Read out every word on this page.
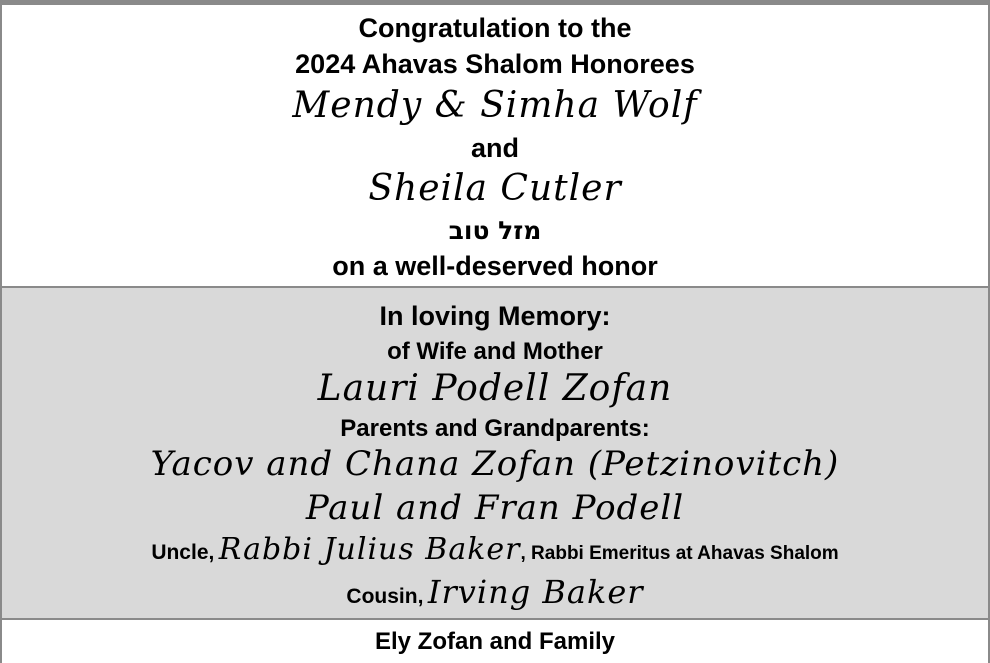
Congratulation to the
2024 Ahavas Shalom Honorees
Mendy & Simha Wolf
and
Sheila Cutler
מזל טוב
on a well-deserved honor
In loving Memory:
of Wife and Mother
Lauri Podell Zofan
Parents and Grandparents:
Yacov and Chana Zofan (Petzinovitch)
Paul and Fran Podell
Uncle, Rabbi Julius Baker, Rabbi Emeritus at Ahavas Shalom
Cousin, Irving Baker
Ely Zofan and Family
